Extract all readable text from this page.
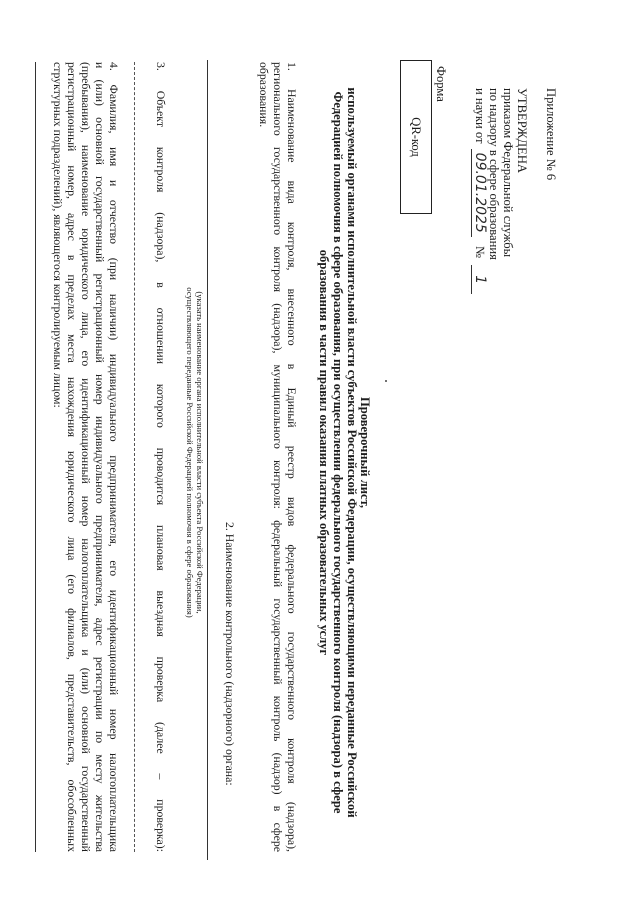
Приложение № 6
УТВЕРЖДЕНА
приказом Федеральной службы
по надзору в сфере образования
и науки от 09.01.2025 № 1
Форма
QR-код
Проверочный лист,
используемый органами исполнительной власти субъектов Российской Федерации, осуществляющими переданные Российской
Федерацией полномочия в сфере образования, при осуществлении федерального государственного контроля (надзора) в сфере
образования в части правил оказания платных образовательных услуг
1. Наименование вида контроля, внесенного в Единый реестр видов федерального государственного контроля (надзора),
регионального государственного контроля (надзора), муниципального контроля: федеральный государственный контроль (надзор) в сфере
образования.
2. Наименование контрольного (надзорного) органа:
(указать наименование органа исполнительной власти субъекта Российской Федерации,
осуществляющего переданные Российской Федерацией полномочия в сфере образования)
3. Объект контроля (надзора), в отношении которого проводится плановая выездная проверка (далее – проверка):
4. Фамилия, имя и отчество (при наличии) индивидуального предпринимателя, его идентификационный номер налогоплательщика
и (или) основной государственный регистрационный номер индивидуального предпринимателя, адрес регистрации по месту жительства
(пребывания), наименование юридического лица, его идентификационный номер налогоплательщика и (или) основной государственный
регистрационный номер, адрес в пределах места нахождения юридического лица (его филиалов, представительств, обособленных
структурных подразделений), являющегося контролируемым лицом:
